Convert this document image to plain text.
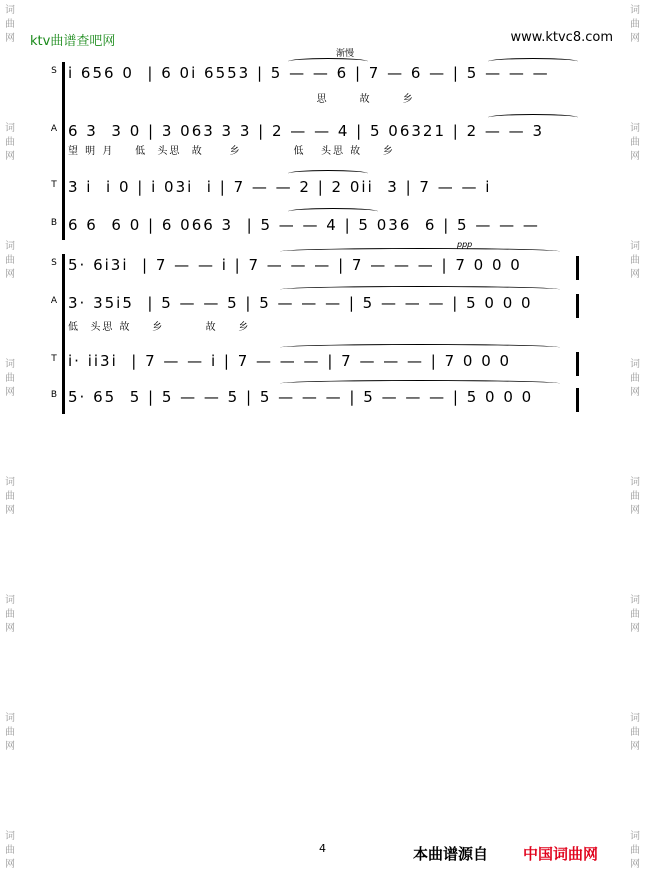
词
曲
网
词
曲
网
词
曲
网
词
曲
网
词
曲
网
词
曲
网
词
曲
网
词
曲
网
词
曲
网
词
曲
网
词
曲
网
词
曲
网
词
曲
网
词
曲
网
词
曲
网
词
曲
网
ktv曲谱查吧网	www.ktvc8.com
渐慢
ppp
S i 656 0  | 6 0i 6553 | 5 — — 6 | 7 — 6 — | 5 — — —
思      故      乡
A 6 3  3 0 | 3 063 3 3 | 2 — — 4 | 5 06321 | 2 — — 3
望 明 月    低  头思  故     乡          低   头思 故    乡
T 3 i  i 0 | i 03i  i | 7 — — 2 | 2 0ii  3 | 7 — — i
B 6 6  6 0 | 6 066 3  | 5 — — 4 | 5 036  6 | 5 — — —
S 5· 6i3i  | 7 — — i | 7 — — — | 7 — — — | 7 0 0 0
A 3· 35i5  | 5 — — 5 | 5 — — — | 5 — — — | 5 0 0 0
低  头思 故    乡        故    乡
T i· ii3i  | 7 — — i | 7 — — — | 7 — — — | 7 0 0 0
B 5· 65  5 | 5 — — 5 | 5 — — — | 5 — — — | 5 0 0 0
4	本曲谱源自 中国词曲网
